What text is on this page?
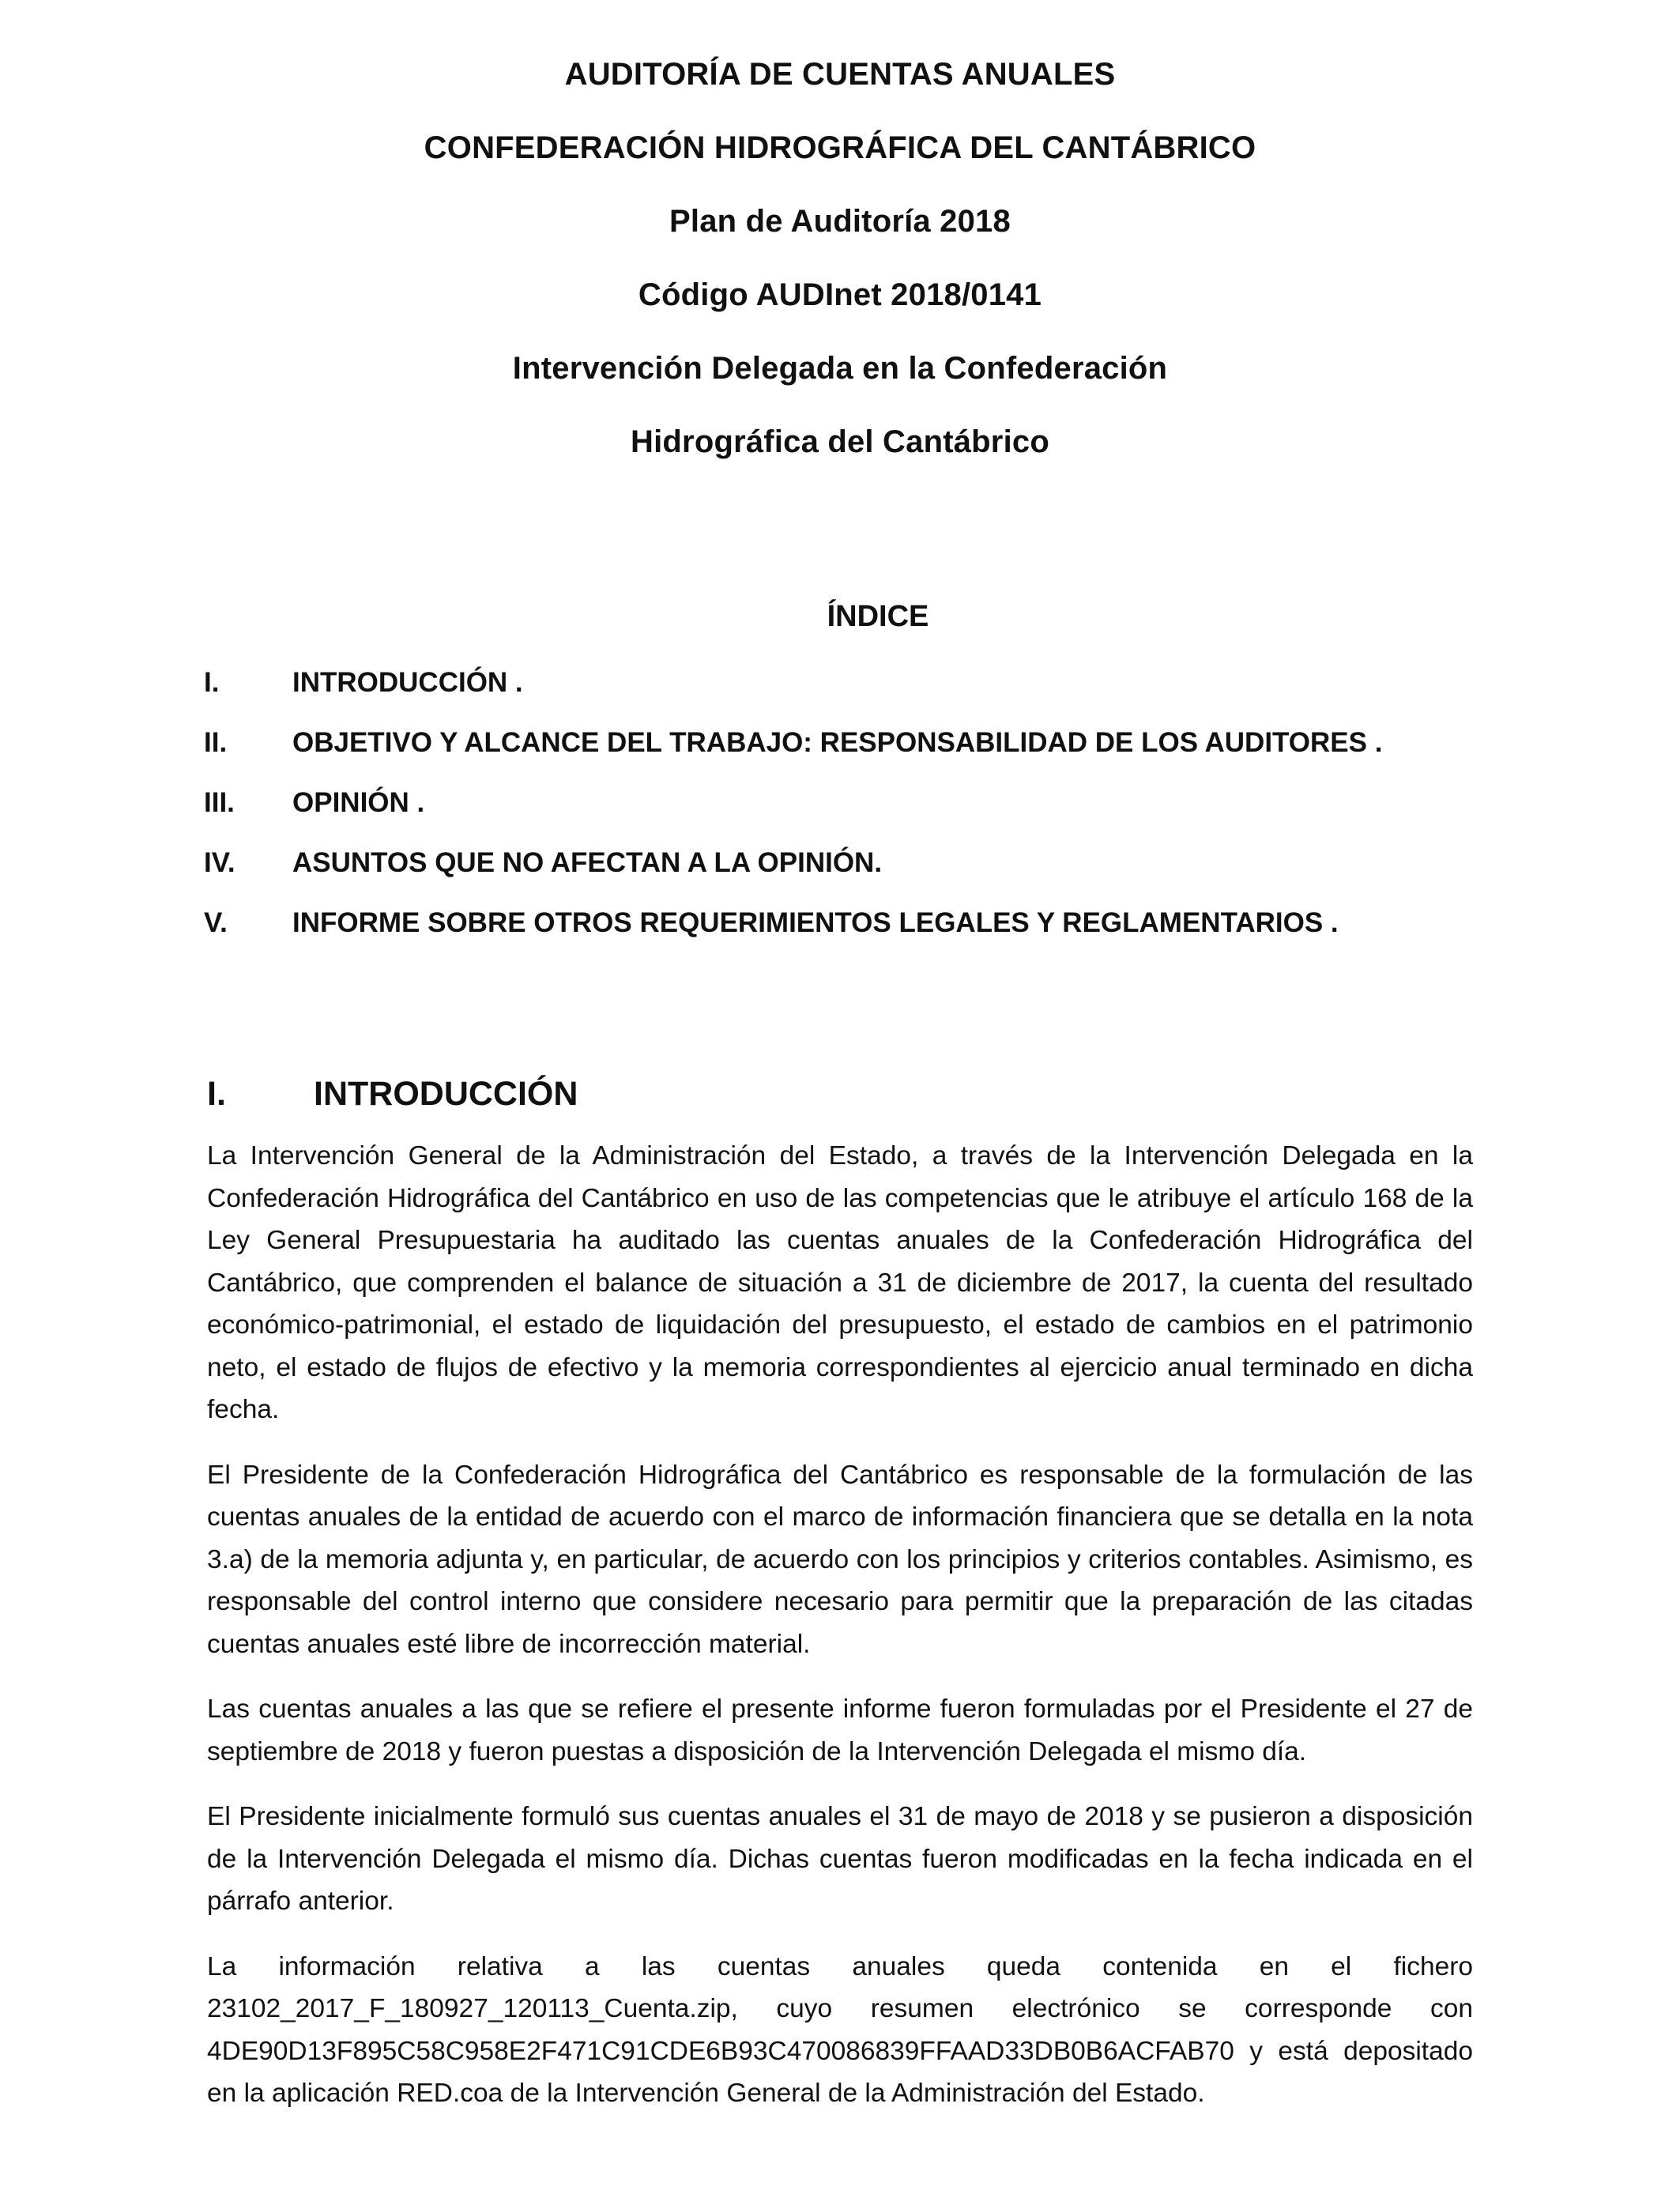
AUDITORÍA DE CUENTAS ANUALES
CONFEDERACIÓN HIDROGRÁFICA DEL CANTÁBRICO
Plan de Auditoría 2018
Código AUDInet 2018/0141
Intervención Delegada en la Confederación
Hidrográfica del Cantábrico
ÍNDICE
I.	INTRODUCCIÓN .
II. OBJETIVO Y ALCANCE DEL TRABAJO: RESPONSABILIDAD DE LOS AUDITORES .
III. OPINIÓN .
IV. ASUNTOS QUE NO AFECTAN A LA OPINIÓN.
V. INFORME SOBRE OTROS REQUERIMIENTOS LEGALES Y REGLAMENTARIOS .
I.	INTRODUCCIÓN

La Intervención General de la Administración del Estado, a través de la Intervención Delegada en la Confederación Hidrográfica del Cantábrico en uso de las competencias que le atribuye el artículo 168 de la Ley General Presupuestaria ha auditado las cuentas anuales de la Confederación Hidrográfica del Cantábrico, que comprenden el balance de situación a 31 de diciembre de 2017, la cuenta del resultado económico-patrimonial, el estado de liquidación del presupuesto, el estado de cambios en el patrimonio neto, el estado de flujos de efectivo y la memoria correspondientes al ejercicio anual terminado en dicha fecha.

El Presidente de la Confederación Hidrográfica del Cantábrico es responsable de la formulación de las cuentas anuales de la entidad de acuerdo con el marco de información financiera que se detalla en la nota 3.a) de la memoria adjunta y, en particular, de acuerdo con los principios y criterios contables. Asimismo, es responsable del control interno que considere necesario para permitir que la preparación de las citadas cuentas anuales esté libre de incorrección material.

Las cuentas anuales a las que se refiere el presente informe fueron formuladas por el Presidente el 27 de septiembre de 2018 y fueron puestas a disposición de la Intervención Delegada el mismo día.

El Presidente inicialmente formuló sus cuentas anuales el 31 de mayo de 2018 y se pusieron a disposición de la Intervención Delegada el mismo día. Dichas cuentas fueron modificadas en la fecha indicada en el párrafo anterior.

La información relativa a las cuentas anuales queda contenida en el fichero 23102_2017_F_180927_120113_Cuenta.zip, cuyo resumen electrónico se corresponde con 4DE90D13F895C58C958E2F471C91CDE6B93C470086839FFAAD33DB0B6ACFAB70 y está depositado en la aplicación RED.coa de la Intervención General de la Administración del Estado.
